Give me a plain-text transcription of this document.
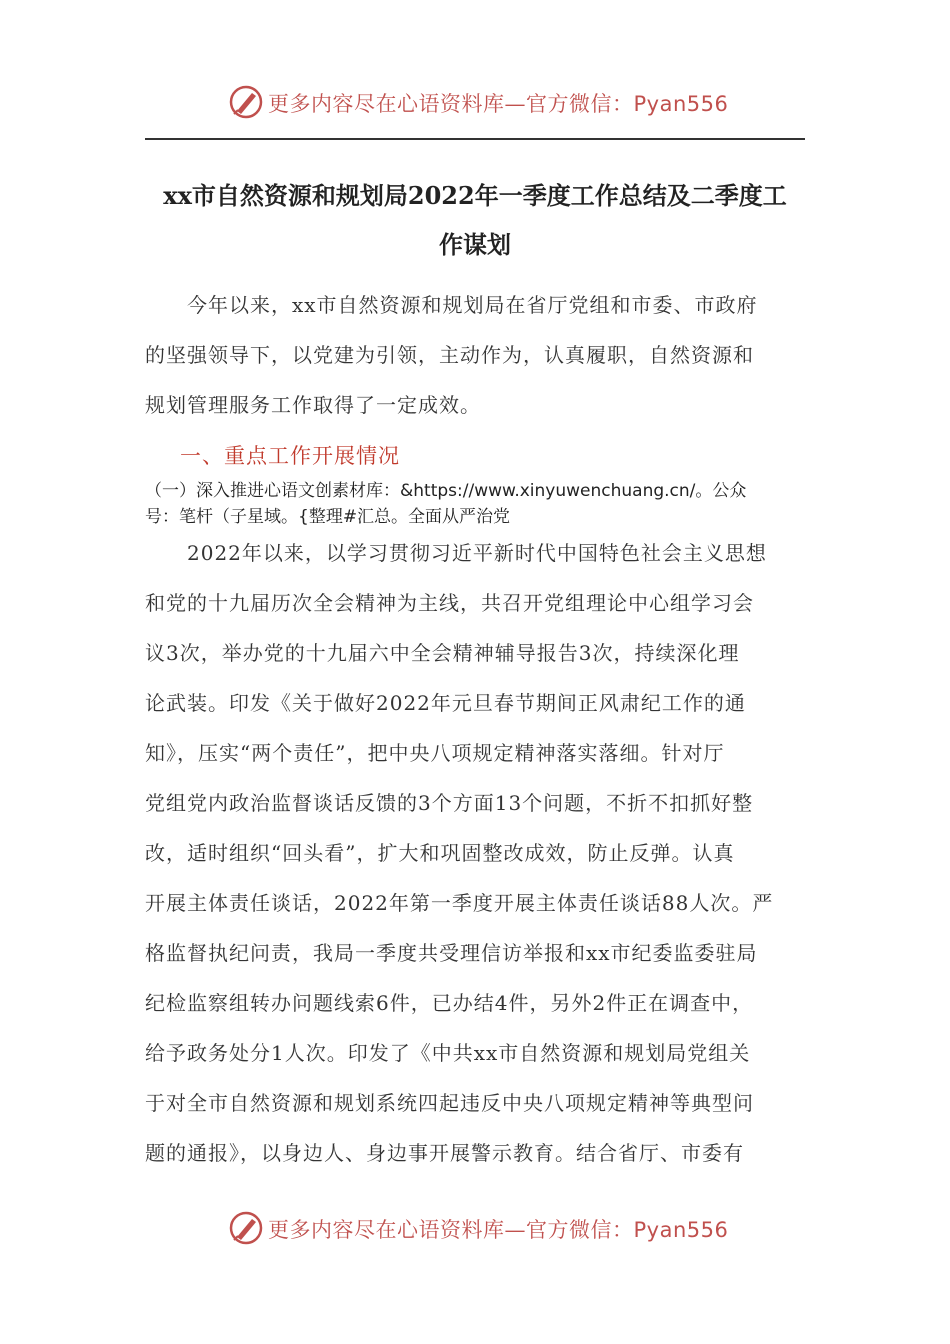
更多内容尽在心语资料库—官方微信：Pyan556
xx市自然资源和规划局2022年一季度工作总结及二季度工
作谋划
　　今年以来，xx市自然资源和规划局在省厅党组和市委、市政府
的坚强领导下，以党建为引领，主动作为，认真履职，自然资源和
规划管理服务工作取得了一定成效。
一、重点工作开展情况
（一）深入推进心语文创素材库：&https://www.xinyuwenchuang.cn/。公众
号：笔杆（子星域。{整理#汇总。全面从严治党
　　2022年以来，以学习贯彻习近平新时代中国特色社会主义思想
和党的十九届历次全会精神为主线，共召开党组理论中心组学习会
议3次，举办党的十九届六中全会精神辅导报告3次，持续深化理
论武装。印发《关于做好2022年元旦春节期间正风肃纪工作的通
知》，压实“两个责任”，把中央八项规定精神落实落细。针对厅
党组党内政治监督谈话反馈的3个方面13个问题，不折不扣抓好整
改，适时组织“回头看”，扩大和巩固整改成效，防止反弹。认真
开展主体责任谈话，2022年第一季度开展主体责任谈话88人次。严
格监督执纪问责，我局一季度共受理信访举报和xx市纪委监委驻局
纪检监察组转办问题线索6件，已办结4件，另外2件正在调查中，
给予政务处分1人次。印发了《中共xx市自然资源和规划局党组关
于对全市自然资源和规划系统四起违反中央八项规定精神等典型问
题的通报》，以身边人、身边事开展警示教育。结合省厅、市委有
更多内容尽在心语资料库—官方微信：Pyan556
